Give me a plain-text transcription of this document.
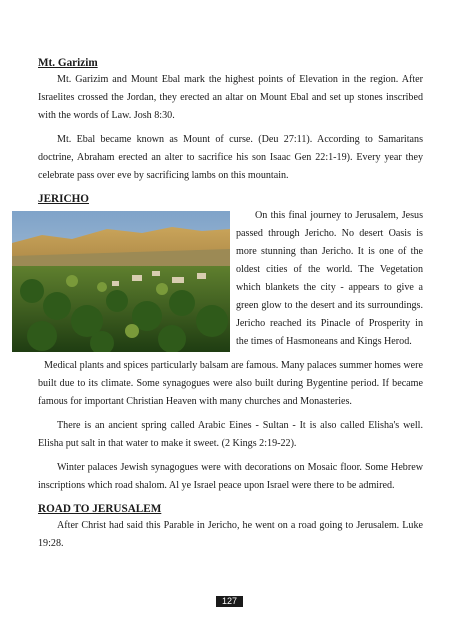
Mt. Garizim

Mt. Garizim and Mount Ebal mark the highest points of Elevation in the region. After Israelites crossed the Jordan, they erected an altar on Mount Ebal and set up stones inscribed with the words of Law. Josh 8:30.

Mt. Ebal became known as Mount of curse. (Deu 27:11). According to Samaritans doctrine, Abraham erected an alter to sacrifice his son Isaac Gen 22:1-19). Every year they celebrate pass over eve by sacrificing lambs on this mountain.

JERICHO

On this final journey to Jerusalem, Jesus passed through Jericho. No desert Oasis is more stunning than Jericho. It is one of the oldest cities of the world. The Vegetation which blankets the city - appears to give a green glow to the desert and its surroundings. Jericho reached its Pinacle of Prosperity in the times of Hasmoneans and Kings Herod.

Medical plants and spices particularly balsam are famous. Many palaces summer homes were built due to its climate. Some synagogues were also built during Bygentine period. If became famous for important Christian Heaven with many churches and Monasteries.

There is an ancient spring called Arabic Eines - Sultan - It is also called Elisha's well. Elisha put salt in that water to make it sweet. (2 Kings 2:19-22).

Winter palaces Jewish synagogues were with decorations on Mosaic floor. Some Hebrew inscriptions which road shalom. Al ye Israel peace upon Israel were there to be admired.

ROAD TO JERUSALEM

After Christ had said this Parable in Jericho, he went on a road going to Jerusalem. Luke 19:28.

127
